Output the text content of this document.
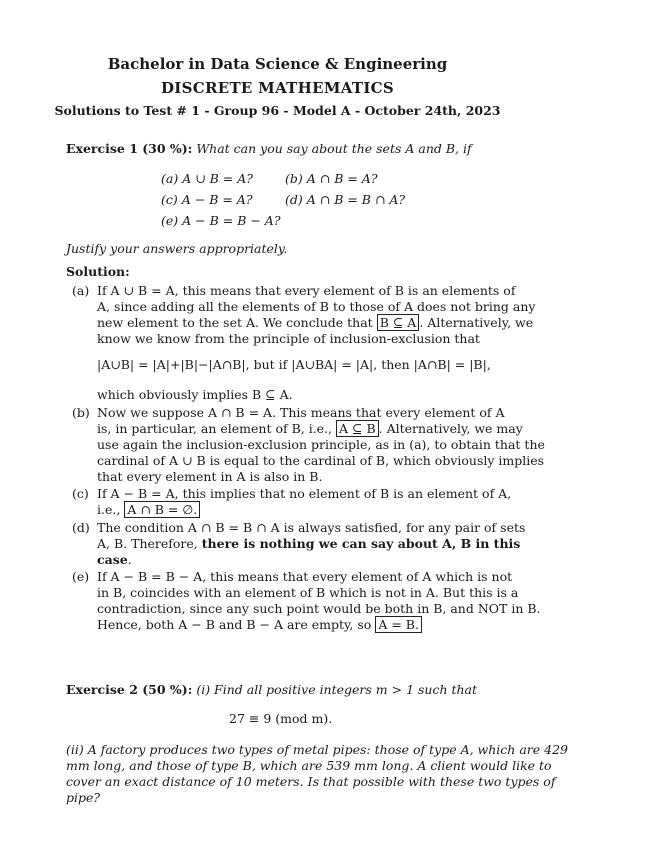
Bachelor in Data Science & Engineering
DISCRETE MATHEMATICS
Solutions to Test # 1 - Group 96 - Model A - October 24th, 2023
Exercise 1 (30 %): What can you say about the sets A and B, if
(a) A ∪ B = A?	(b) A ∩ B = A?
(c) A − B = A?	(d) A ∩ B = B ∩ A?
(e) A − B = B − A?
Justify your answers appropriately.
Solution:
(a) If A ∪ B = A, this means that every element of B is an elements of
A, since adding all the elements of B to those of A does not bring any
new element to the set A. We conclude that B ⊆ A . Alternatively, we
know we know from the principle of inclusion-exclusion that
|A∪B| = |A|+|B|−|A∩B|, but if |A∪BA| = |A|, then |A∩B| = |B|,
which obviously implies B ⊆ A.
(b) Now we suppose A ∩ B = A. This means that every element of A
is, in particular, an element of B, i.e., A ⊆ B . Alternatively, we may
use again the inclusion-exclusion principle, as in (a), to obtain that the
cardinal of A ∪ B is equal to the cardinal of B, which obviously implies
that every element in A is also in B.
(c) If A − B = A, this implies that no element of B is an element of A,
i.e., A ∩ B = ∅.
(d) The condition A ∩ B = B ∩ A is always satisfied, for any pair of sets
A, B. Therefore, there is nothing we can say about A, B in this
case.
(e) If A − B = B − A, this means that every element of A which is not
in B, coincides with an element of B which is not in A. But this is a
contradiction, since any such point would be both in B, and NOT in B.
Hence, both A − B and B − A are empty, so A = B.
Exercise 2 (50 %): (i) Find all positive integers m > 1 such that
27 ≡ 9 (mod m).
(ii) A factory produces two types of metal pipes: those of type A, which are 429
mm long, and those of type B, which are 539 mm long. A client would like to
cover an exact distance of 10 meters. Is that possible with these two types of
pipe?
